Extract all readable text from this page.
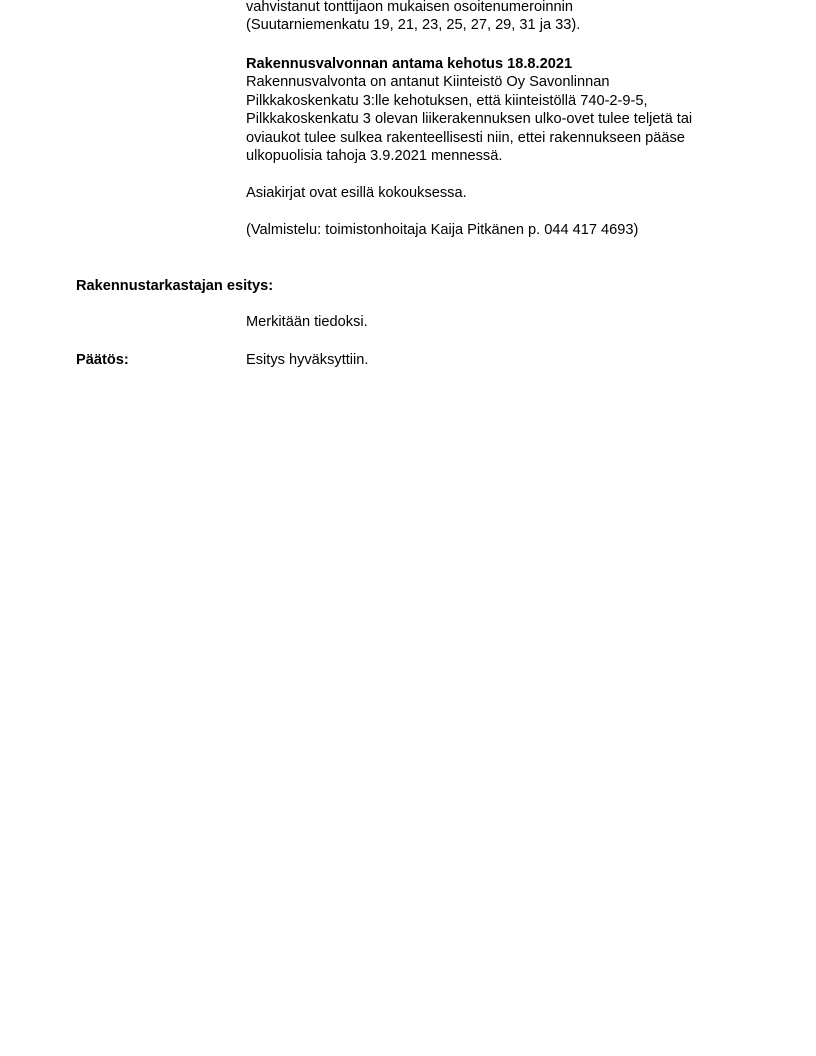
vahvistanut tonttijaon mukaisen osoitenumeroinnin
(Suutarniemenkatu 19, 21, 23, 25, 27, 29, 31 ja 33).
Rakennusvalvonnan antama kehotus 18.8.2021
Rakennusvalvonta on antanut Kiinteistö Oy Savonlinnan
Pilkkakoskenkatu 3:lle kehotuksen, että kiinteistöllä 740-2-9-5,
Pilkkakoskenkatu 3 olevan liikerakennuksen ulko-ovet tulee teljetä tai
oviaukot tulee sulkea rakenteellisesti niin, ettei rakennukseen pääse
ulkopuolisia tahoja 3.9.2021 mennessä.
Asiakirjat ovat esillä kokouksessa.
(Valmistelu: toimistonhoitaja Kaija Pitkänen p. 044 417 4693)
Rakennustarkastajan esitys:
Merkitään tiedoksi.
Päätös:	Esitys hyväksyttiin.
